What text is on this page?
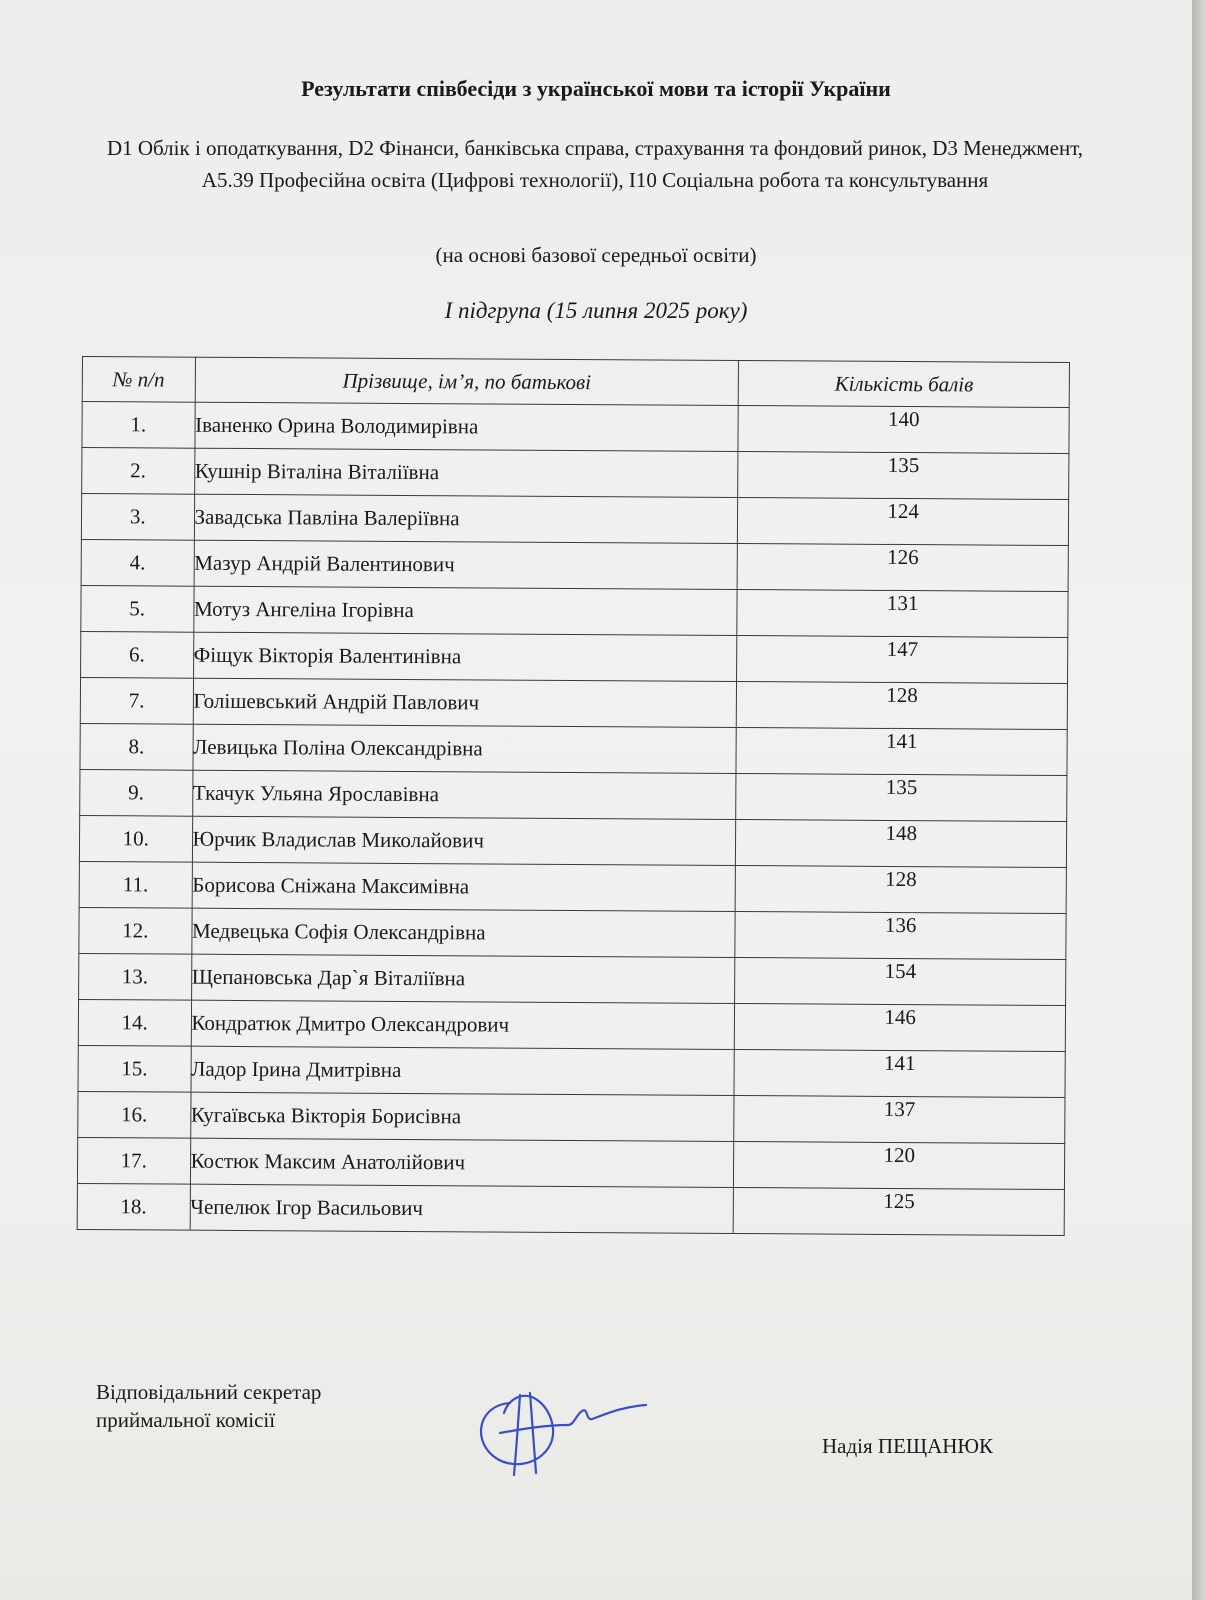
Результати співбесіди з української мови та історії України
D1 Облік і оподаткування, D2 Фінанси, банківська справа, страхування та фондовий ринок, D3 Менеджмент, А5.39 Професійна освіта (Цифрові технології), I10 Соціальна робота та консультування
(на основі базової середньої освіти)
І підгрупа (15 липня 2025 року)
№ п/п	Прізвище, ім’я, по батькові	Кількість балів
1.	Іваненко Орина Володимирівна	140
2.	Кушнір Віталіна Віталіївна	135
3.	Завадська Павліна Валеріївна	124
4.	Мазур Андрій Валентинович	126
5.	Мотуз Ангеліна Ігорівна	131
6.	Фіщук Вікторія Валентинівна	147
7.	Голішевський Андрій Павлович	128
8.	Левицька Поліна Олександрівна	141
9.	Ткачук Ульяна Ярославівна	135
10.	Юрчик Владислав Миколайович	148
11.	Борисова Сніжана Максимівна	128
12.	Медвецька Софія Олександрівна	136
13.	Щепановська Дар`я Віталіївна	154
14.	Кондратюк Дмитро Олександрович	146
15.	Ладор Ірина Дмитрівна	141
16.	Кугаївська Вікторія Борисівна	137
17.	Костюк Максим Анатолійович	120
18.	Чепелюк Ігор Васильович	125
Відповідальний секретар
приймальної комісії
Надія ПЕЩАНЮК
